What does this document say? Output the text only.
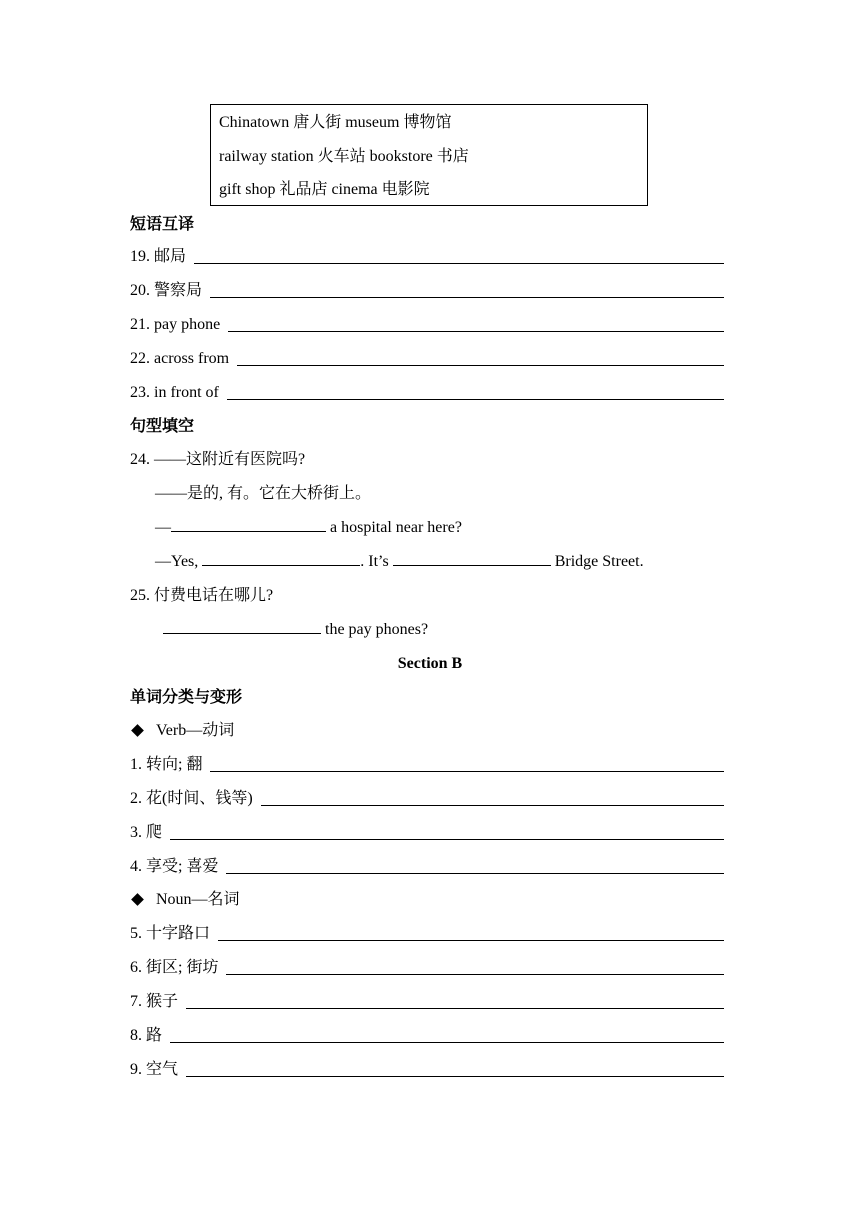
Chinatown 唐人街 museum 博物馆
railway station 火车站 bookstore 书店
gift shop 礼品店 cinema 电影院
短语互译
19. 邮局
20. 警察局
21. pay phone
22. across from
23. in front of
句型填空
24. ——这附近有医院吗?
——是的, 有。它在大桥街上。
—	a hospital near here?
—Yes,	. It’s	Bridge Street.
25. 付费电话在哪儿?
the pay phones?
Section B
单词分类与变形
Verb—动词
1. 转向; 翻
2. 花(时间、钱等)
3. 爬
4. 享受; 喜爱
Noun—名词
5. 十字路口
6. 街区; 街坊
7. 猴子
8. 路
9. 空气
